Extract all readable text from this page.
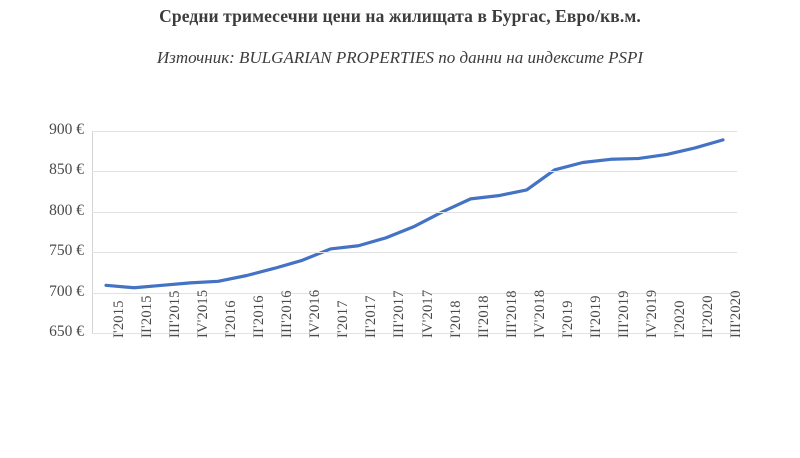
Средни тримесечни цени на жилищата в Бургас, Евро/кв.м.
Източник: BULGARIAN PROPERTIES по данни на индексите PSPI
650 €
700 €
750 €
800 €
850 €
900 €
I'2015 II'2015 III'2015 IV'2015 I'2016 II'2016 III'2016 IV'2016 I'2017 II'2017 III'2017 IV'2017 I'2018 II'2018 III'2018 IV'2018 I'2019 II'2019 III'2019 IV'2019 I'2020 II'2020 III'2020
